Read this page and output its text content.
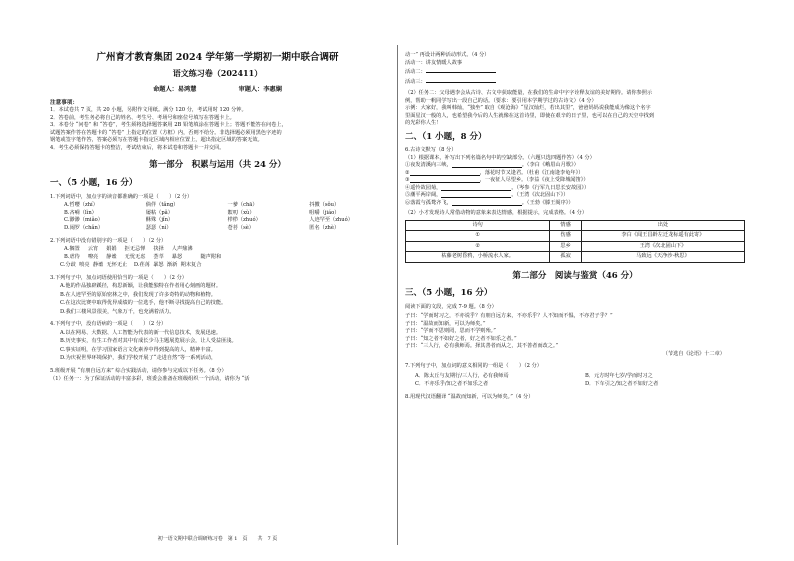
广州育才教育集团 2024 学年第一学期初一期中联合调研
语文练习卷（202411）
命题人：易鸿慧	审题人：李惠娴
注意事项：
1．本试卷共 7 页，共 20 小题，另附作文用纸。满分 120 分，考试用时 120 分钟。
2．答卷前，考生务必将自己的姓名、考生号、考场号和座位号填写在答题卡上。
3．本卷分 “问卷” 和 “答卷”，考生须将选择题答案用 2B 铅笔填涂在答题卡上；答题不能答在问卷上，
试题答案作答在答题卡的 “答卷” 上指定的位置（方框）内，否则不给分。非选择题必须用黑色字迹的
钢笔或签字笔作答，答案必须写在答题卡指定区域内相应位置上，超出指定区域的答案无效。
4．考生必须保持答题卡的整洁，考试结束后，将本试卷和答题卡一并交回。
第一部分　积累与运用（共 24 分）
一、（5 小题，16 分）
1.下列词语中，加点字的读音都准确的一项是（　　）（2 分）
A.哲嘤（zhí）	倘佯（tǎng）	一爹（chā）	抖擞（sǒu）
B.吝嗬（lìn）	屡粘（pǎ）	絮叨（xù）	咀嚼（jiáo）
C.渺渺（miǎo）	酥殊（jǐn）	栉栉（zhuó）	人迹罕至（zhuó）
D.闹罗（chǎn）	瑟瑟（ní）	苍苔（sè）	匿名（zhè）
2.下列词语中没有错别字的一项是（　　）（2 分）
A.搁置 云宵 娟娟 拒无忌惮 抉择 人声鼎沸
B.虐待 嘹亮 静谧 无忧无虑 荟萃 暴怒	随声附和
C.分歧 喷亮 静谧 无怀无止 D.荏苒 暴怒 渐新 期末复合
3.下列句子中，加点词语使用恰当的一项是（　　）（2 分）
A.他的作品独辟蹊径，构思新颖，让我能独特在作者用心刻画的题材。
B.在人迹罕至的原始密林之中，我们发现了许多奇特的动物和植物。
C.在这次比赛中取得优异成绩的一位选手，他不断寻找提高自己的技能。
D.我们三楼风景很美，气象万千，也充满着活力。
4.下列句子中，没有语病的一项是（　　）（2 分）
A.以在网易、大数据、人工智能为代表的新一代信息技术，发展迅速。
B.历史事实，有生工作者对其中有成长少马主题展览展示会，让人受益匪浅。
C.事实证明，在学习国家语言文化素养中得到提高的人，精神丰富。
D.为庆祝世界环境保护，我们学校开展了“走进自然”等一系列活动，
5.班级开展 “有朋自远方来” 综合实践活动，请你参与完成以下任务。（8 分）
（1）任务一：为了保证活动的丰富多彩，班委会准备在班级组织一个活动，请你为 “活
初一语文期中联合调研练习卷　第 1　页　　共　7 页
动一” 再设计两种活动形式。（4 分）
活动一：讲友情暖人故事
活动二：
活动三：
（2）任务二：父母遇李会从古诗、古文中获取能量，在我们的生命中字字诠释友谊的美好期待。请你参照示
例，帮助一帆同学写出一段自己的话。（要求：要引用本学期学过的古诗文）（4 分）
示例：大家好，我叫韩灿，“独坐” 取自《观沧海》“星汉灿烂，若出其里”，爸爸妈妈说我能成为像这个名字
里面星汉一般的人，也希望我今后的人生就像在这首诗里，即使在艰辛的日子里，也可以在自己的天空中找到
的光彩你人生！
二、（1 小题，8 分）
6.古诗文默写（8 分）
（1）根据课本，补写出下列名篇名句中的空缺部分。（六题只选四题作答）（4 分）
①夜发清溪向三峡，	。（李白《峨眉山月歌》）
②	，落花时节又逢君。（杜甫《江南逢李龟年》）
③	，一夜征人尽望乡。（李益《夜上受降城闻笛》）
④遥怜故园菊，	。（岑参《行军九日思长安故园》）
⑤潮平两岸阔，	。（王湾《次北固山下》）
⑥落霞与孤鹜齐飞，	。（王勃《滕王阁序》）
（2）小才发现诗人常借动物的意象来表达情感，根据提示，完成表格。（4 分）
诗句	情感	出处
①	伤感	李白《闻王昌龄左迁龙标遥有此寄》
②	思乡	王湾《次北固山下》
枯藤老树昏鸦，小桥流水人家。	孤寂	马致远《天净沙·秋思》
第二部分　阅读与鉴赏（46 分）
三、（5 小题，16 分）
阅读下面的文段，完成 7-9 题。（8 分）
子曰：“学而时习之，不亦说乎？有朋自远方来，不亦乐乎？人不知而不愠，不亦君子乎？”
子曰：“温故而知新，可以为师矣。”
子曰：“学而不思则罔，思而不学则殆。”
子曰：“知之者不如好之者，好之者不如乐之者。”
子曰：“三人行，必有我师焉。择其善者而从之，其不善者而改之。”
（节选自《论语》十二章）
7.下列句子中，加点词的意义相同的一组是（　　）（2 分）
A．陈太丘与友期行/三人行，必有我师焉	B．元方时年七岁/学而时习之
C．不亦乐乎/知之者不如乐之者	D．下车引之/知之者不如好之者
8.用现代汉语翻译 “温故而知新，可以为师矣。”（4 分）
